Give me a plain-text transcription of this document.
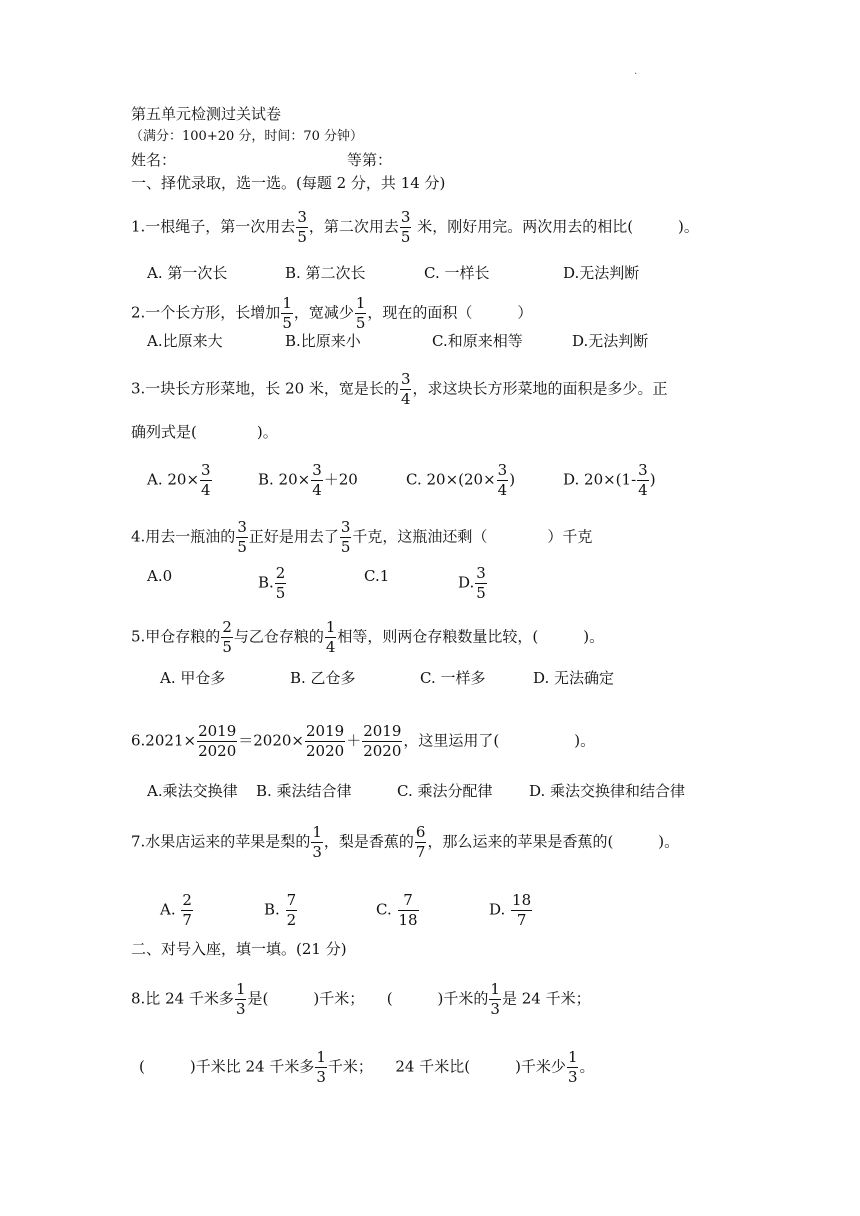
.
第五单元检测过关试卷
（满分：100+20 分，时间：70 分钟）
姓名：	等第：
一、择优录取，选一选。(每题 2 分，共 14 分)
1.一根绳子，第一次用去 $\frac{3}{5}$ ，第二次用去 $\frac{3}{5}$ 米，刚好用完。两次用去的相比(　　　)。
A. 第一次长	B. 第二次长	C. 一样长	D.无法判断
2.一个长方形，长增加 $\frac{1}{5}$ ，宽减少 $\frac{1}{5}$ ，现在的面积（　　　）
A.比原来大	B.比原来小	C.和原来相等	D.无法判断
3.一块长方形菜地，长 20 米，宽是长的 $\frac{3}{4}$ ，求这块长方形菜地的面积是多少。正
确列式是(　　　　)。
A. $20\times \frac{3}{4}$	B. $20\times \frac{3}{4} +20$	C. $20\times(20\times \frac{3}{4}$ )	D. $20\times(1- \frac{3}{4}$ )
4.用去一瓶油的 $\frac{3}{5}$ 正好是用去了 $\frac{3}{5}$ 千克，这瓶油还剩（　　　　）千克
A.0	B. $\frac{2}{5}$	C.1	D. $\frac{3}{5}$
5.甲仓存粮的 $\frac{2}{5}$ 与乙仓存粮的 $\frac{1}{4}$ 相等，则两仓存粮数量比较，(　　　)。
A. 甲仓多	B. 乙仓多	C. 一样多	D. 无法确定
$6.2021\times \frac{2019}{2020} =2020\times \frac{2019}{2020} + \frac{2019}{2020}$ ，这里运用了(　　　　　)。
A.乘法交换律 B. 乘法结合律	C. 乘法分配律 D. 乘法交换律和结合律
7.水果店运来的苹果是梨的 $\frac{1}{3}$ ，梨是香蕉的 $\frac{6}{7}$ ，那么运来的苹果是香蕉的(　　　)。
A. $\frac{2}{7}$	B. $\frac{7}{2}$	C. $\frac{7}{18}$	D. $\frac{18}{7}$
二、对号入座，填一填。(21 分)
8.比 24 千米多 $\frac{1}{3}$ 是(　　　)千米；　　(　　　)千米的 $\frac{1}{3}$ 是 24 千米；
(　　　)千米比 24 千米多 $\frac{1}{3}$ 千米；　　24 千米比(　　　)千米少 $\frac{1}{3}$ 。
